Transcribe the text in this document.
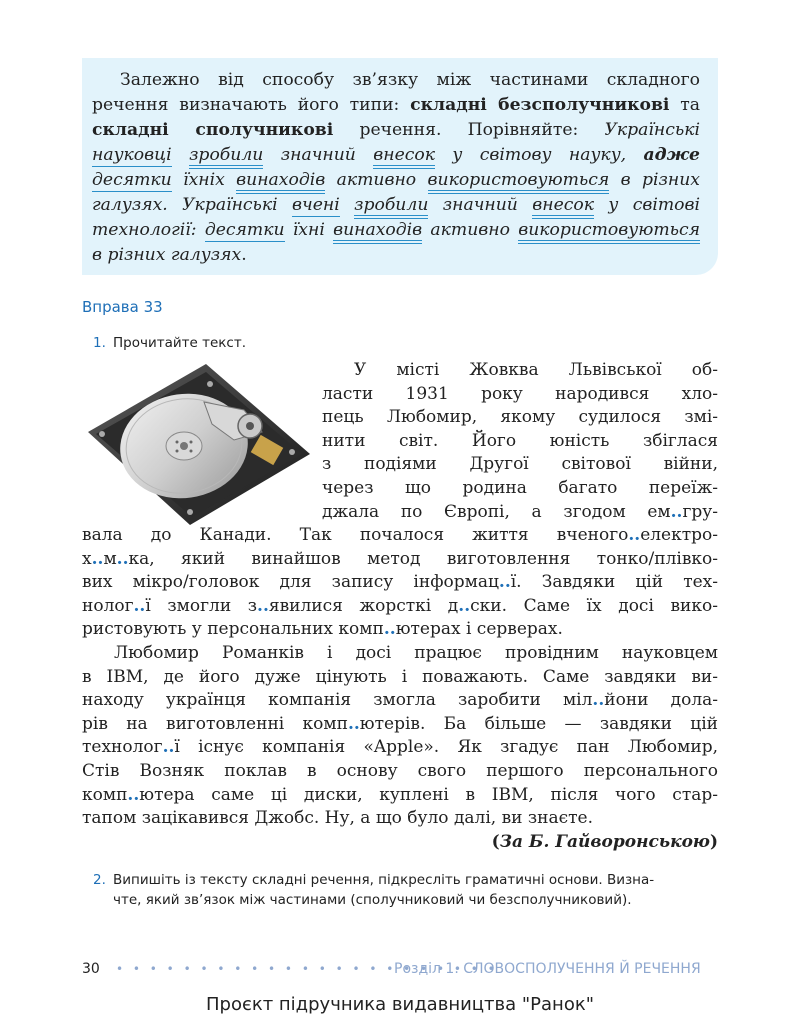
Залежно від способу зв’язку між частинами складного речення визначають його типи: складні безсполучникові та складні сполучникові речення. Порівняйте: Українські науковці зробили значний внесок у світову науку, адже десятки їхніх винаходів активно використовуються в різних галузях. Українські вчені зробили значний внесок у світові технології: десятки їхні винаходів активно використовуються в різних галузях.

Вправа 33
1. Прочитайте текст.
У місті Жовква Львівської об-
ласти 1931 року народився хло-
пець Любомир, якому судилося змі-
нити світ. Його юність збіглася
з подіями Другої світової війни,
через що родина багато переїж-
джала по Європі, а згодом ем..гру-
вала до Канади. Так почалося життя вченого..електро-
х..м..ка, який винайшов метод виготовлення тонко/плівко-
вих мікро/головок для запису інформац..ї. Завдяки цій тех-
нолог..ї змогли з..явилися жорсткі д..ски. Саме їх досі вико-
ристовують у персональних комп..ютерах і серверах.
Любомир Романків і досі працює провідним науковцем
в IBM, де його дуже цінують і поважають. Саме завдяки ви-
находу українця компанія змогла заробити міл..йони дола-
рів на виготовленні комп..ютерів. Ба більше — завдяки цій
технолог..ї існує компанія «Apple». Як згадує пан Любомир,
Стів Возняк поклав в основу свого першого персонального
комп..ютера саме ці диски, куплені в IBM, після чого стар-
тапом зацікавився Джобс. Ну, а що було далі, ви знаєте.
(За Б. Гайворонською)
2. Випишіть із тексту складні речення, підкресліть граматичні основи. Визна-
чте, який зв’язок між частинами (сполучниковий чи безсполучниковий).
30 • • • • • • • • • • • • • • • • • • • • • • •
Розділ 1. СЛОВОСПОЛУЧЕННЯ Й РЕЧЕННЯ
Проєкт підручника видавництва "Ранок"
